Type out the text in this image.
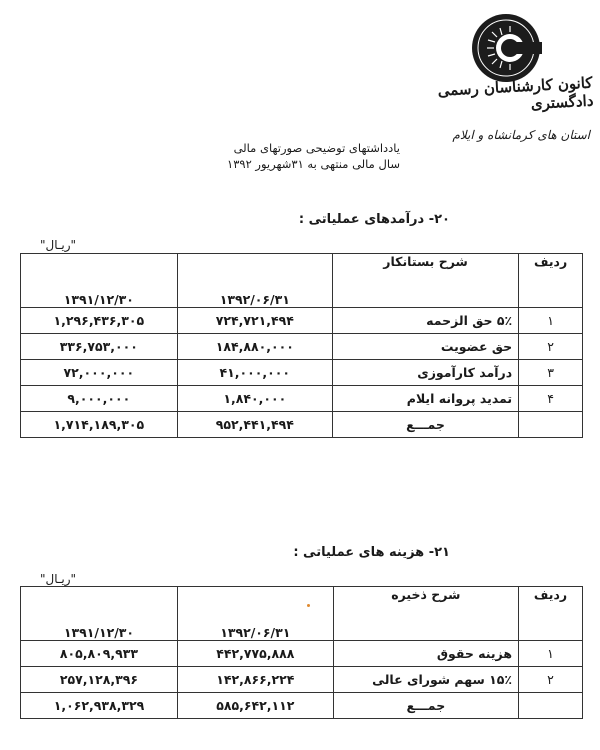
کانون کارشناسان رسمی دادگستری
استان های کرمانشاه و ایلام
یادداشتهای توضیحی صورتهای مالی
سال مالی منتهی به ۳۱شهریور ۱۳۹۲
۲۰- درآمدهای عملیاتی :
"ریـال"
ردیف	شرح بستانکار	۱۳۹۲/۰۶/۳۱	۱۳۹۱/۱۲/۳۰
۱	۵٪ حق الزحمه	۷۲۴,۷۲۱,۴۹۴	۱,۲۹۶,۴۳۶,۳۰۵
۲	حق عضویت	۱۸۴,۸۸۰,۰۰۰	۳۳۶,۷۵۳,۰۰۰
۳	درآمد کارآموزی	۴۱,۰۰۰,۰۰۰	۷۲,۰۰۰,۰۰۰
۴	تمدید پروانه ایلام	۱,۸۴۰,۰۰۰	۹,۰۰۰,۰۰۰
	جمـــع	۹۵۲,۴۴۱,۴۹۴	۱,۷۱۴,۱۸۹,۳۰۵
۲۱- هزینه های عملیاتی :
"ریـال"
ردیف	شرح ذخیره	۱۳۹۲/۰۶/۳۱	۱۳۹۱/۱۲/۳۰
۱	هزینه حقوق	۴۴۲,۷۷۵,۸۸۸	۸۰۵,۸۰۹,۹۳۳
۲	۱۵٪ سهم شورای عالی	۱۴۲,۸۶۶,۲۲۴	۲۵۷,۱۲۸,۳۹۶
	جمـــع	۵۸۵,۶۴۲,۱۱۲	۱,۰۶۲,۹۳۸,۳۲۹
